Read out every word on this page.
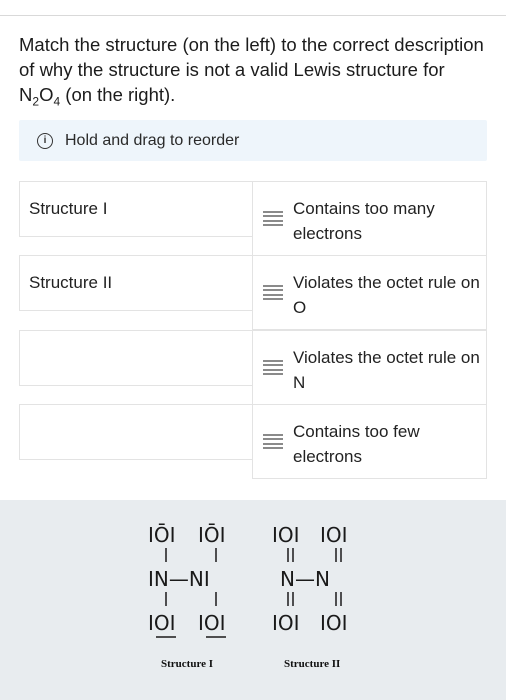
Match the structure (on the left) to the correct description of why the structure is not a valid Lewis structure for $N_2O_4$ (on the right).
i	Hold and drag to reorder
Structure I
Structure II
Contains too many electrons
Violates the octet rule on O
Violates the octet rule on N
Contains too few electrons
IŌI IŌI
IN—NI
IOI IOI
IOI IOI
N—N
IOI IOI
Structure I	Structure II
